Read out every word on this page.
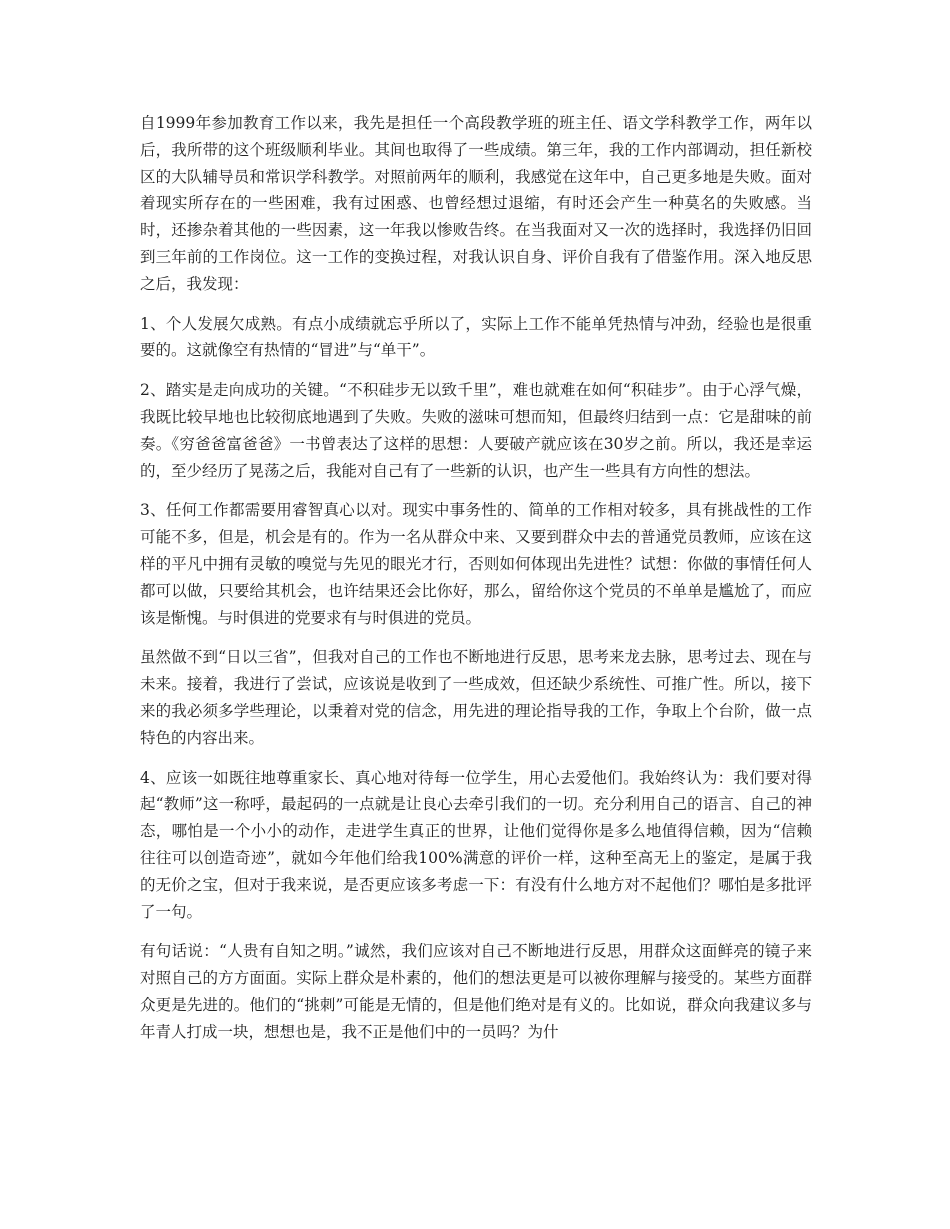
自1999年参加教育工作以来，我先是担任一个高段教学班的班主任、语文学科教学工作，两年以后，我所带的这个班级顺利毕业。其间也取得了一些成绩。第三年，我的工作内部调动，担任新校区的大队辅导员和常识学科教学。对照前两年的顺利，我感觉在这年中，自己更多地是失败。面对着现实所存在的一些困难，我有过困惑、也曾经想过退缩，有时还会产生一种莫名的失败感。当时，还掺杂着其他的一些因素，这一年我以惨败告终。在当我面对又一次的选择时，我选择仍旧回到三年前的工作岗位。这一工作的变换过程，对我认识自身、评价自我有了借鉴作用。深入地反思之后，我发现：

1、个人发展欠成熟。有点小成绩就忘乎所以了，实际上工作不能单凭热情与冲劲，经验也是很重要的。这就像空有热情的“冒进”与“单干”。

2、踏实是走向成功的关键。“不积硅步无以致千里”，难也就难在如何“积硅步”。由于心浮气燥，我既比较早地也比较彻底地遇到了失败。失败的滋味可想而知，但最终归结到一点：它是甜味的前奏。《穷爸爸富爸爸》一书曾表达了这样的思想：人要破产就应该在30岁之前。所以，我还是幸运的，至少经历了晃荡之后，我能对自己有了一些新的认识，也产生一些具有方向性的想法。

3、任何工作都需要用睿智真心以对。现实中事务性的、简单的工作相对较多，具有挑战性的工作可能不多，但是，机会是有的。作为一名从群众中来、又要到群众中去的普通党员教师，应该在这样的平凡中拥有灵敏的嗅觉与先见的眼光才行，否则如何体现出先进性？试想：你做的事情任何人都可以做，只要给其机会，也许结果还会比你好，那么，留给你这个党员的不单单是尴尬了，而应该是惭愧。与时俱进的党要求有与时俱进的党员。

虽然做不到“日以三省”，但我对自己的工作也不断地进行反思，思考来龙去脉，思考过去、现在与未来。接着，我进行了尝试，应该说是收到了一些成效，但还缺少系统性、可推广性。所以，接下来的我必须多学些理论，以秉着对党的信念，用先进的理论指导我的工作，争取上个台阶，做一点特色的内容出来。

4、应该一如既往地尊重家长、真心地对待每一位学生，用心去爱他们。我始终认为：我们要对得起“教师”这一称呼，最起码的一点就是让良心去牵引我们的一切。充分利用自己的语言、自己的神态，哪怕是一个小小的动作，走进学生真正的世界，让他们觉得你是多么地值得信赖，因为“信赖往往可以创造奇迹”，就如今年他们给我100%满意的评价一样，这种至高无上的鉴定，是属于我的无价之宝，但对于我来说，是否更应该多考虑一下：有没有什么地方对不起他们？哪怕是多批评了一句。

有句话说：“人贵有自知之明。”诚然，我们应该对自己不断地进行反思，用群众这面鲜亮的镜子来对照自己的方方面面。实际上群众是朴素的，他们的想法更是可以被你理解与接受的。某些方面群众更是先进的。他们的“挑刺”可能是无情的，但是他们绝对是有义的。比如说，群众向我建议多与年青人打成一块，想想也是，我不正是他们中的一员吗？为什
